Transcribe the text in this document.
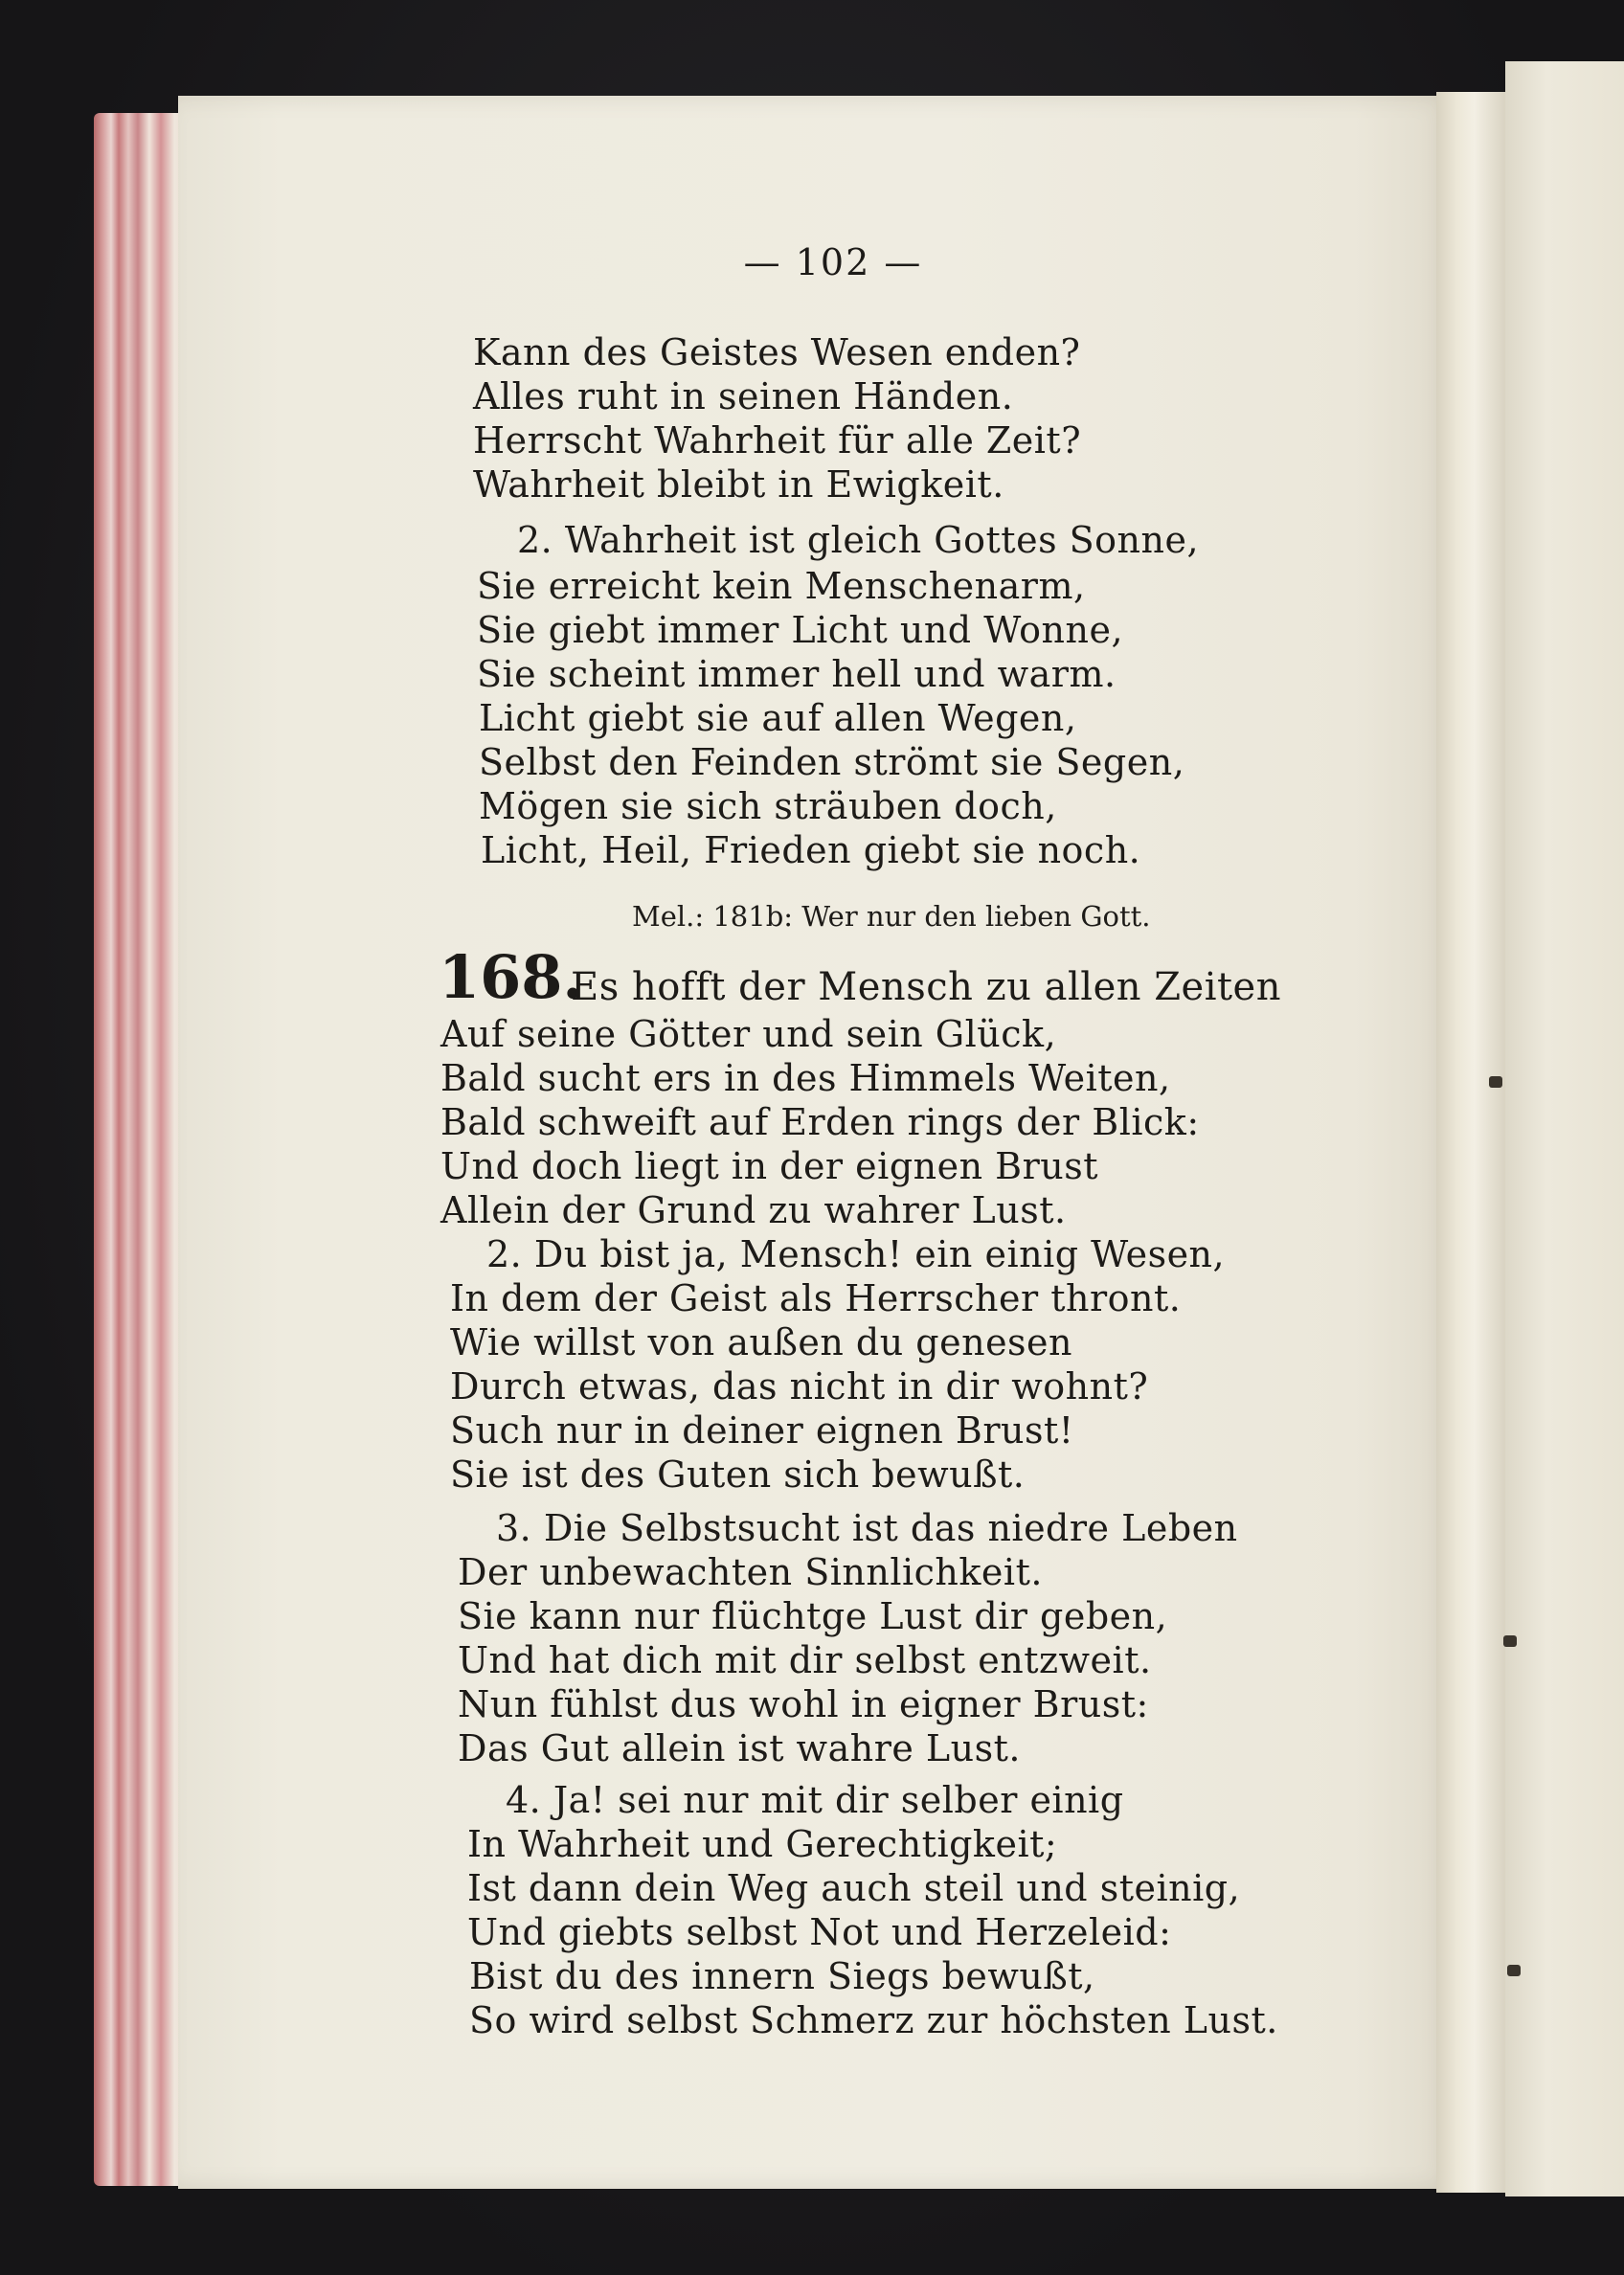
— 102 —
Kann des Geistes Wesen enden?
Alles ruht in seinen Händen.
Herrscht Wahrheit für alle Zeit?
Wahrheit bleibt in Ewigkeit.
2. Wahrheit ist gleich Gottes Sonne,
Sie erreicht kein Menschenarm,
Sie giebt immer Licht und Wonne,
Sie scheint immer hell und warm.
Licht giebt sie auf allen Wegen,
Selbst den Feinden strömt sie Segen,
Mögen sie sich sträuben doch,
Licht, Heil, Frieden giebt sie noch.
Mel.: 181b: Wer nur den lieben Gott.
168.
Es hofft der Mensch zu allen Zeiten
Auf seine Götter und sein Glück,
Bald sucht ers in des Himmels Weiten,
Bald schweift auf Erden rings der Blick:
Und doch liegt in der eignen Brust
Allein der Grund zu wahrer Lust.
2. Du bist ja, Mensch! ein einig Wesen,
In dem der Geist als Herrscher thront.
Wie willst von außen du genesen
Durch etwas, das nicht in dir wohnt?
Such nur in deiner eignen Brust!
Sie ist des Guten sich bewußt.
3. Die Selbstsucht ist das niedre Leben
Der unbewachten Sinnlichkeit.
Sie kann nur flüchtge Lust dir geben,
Und hat dich mit dir selbst entzweit.
Nun fühlst dus wohl in eigner Brust:
Das Gut allein ist wahre Lust.
4. Ja! sei nur mit dir selber einig
In Wahrheit und Gerechtigkeit;
Ist dann dein Weg auch steil und steinig,
Und giebts selbst Not und Herzeleid:
Bist du des innern Siegs bewußt,
So wird selbst Schmerz zur höchsten Lust.
